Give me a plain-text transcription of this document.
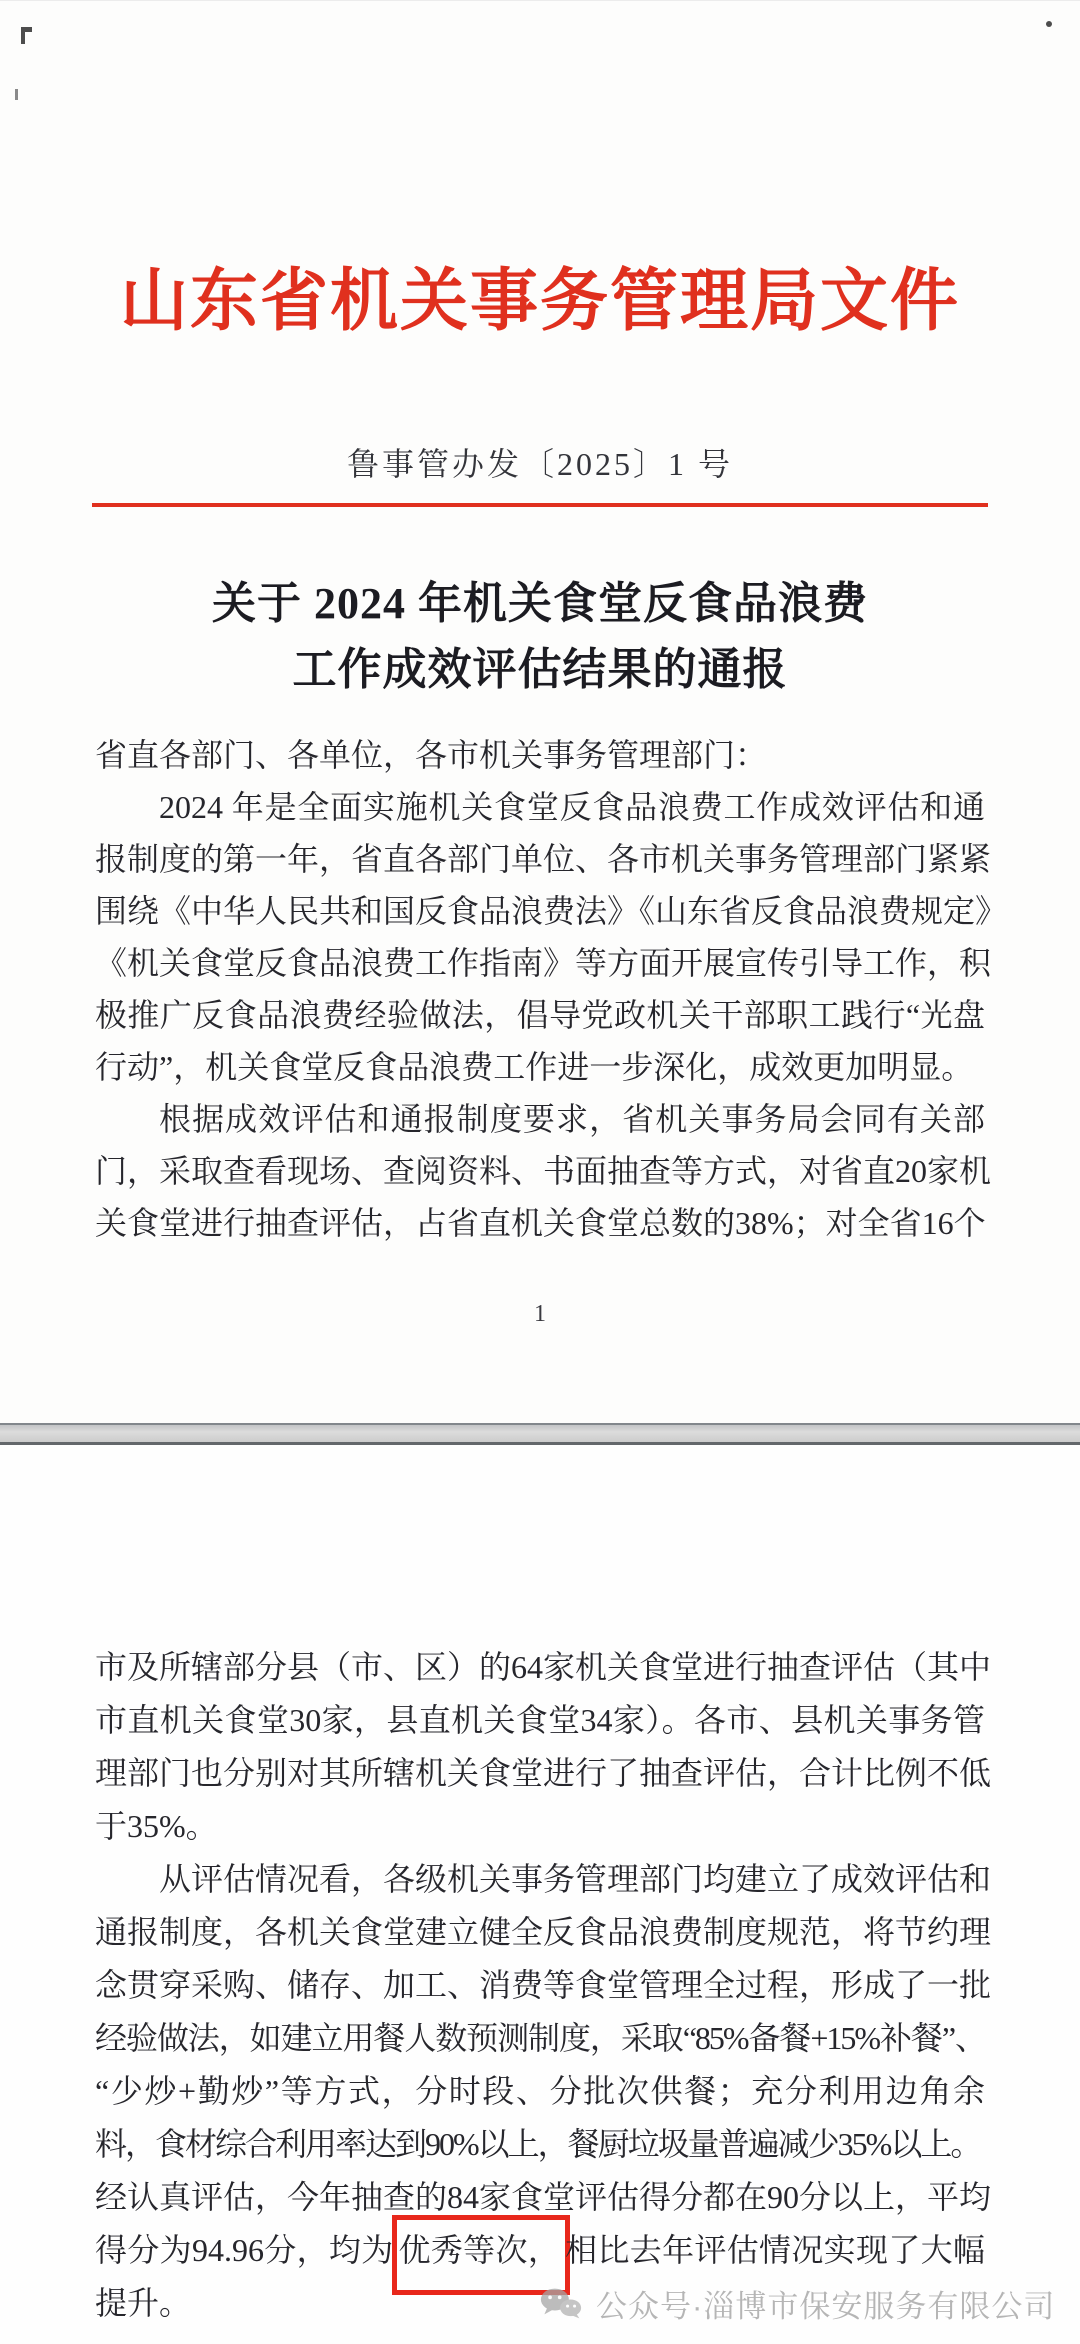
山东省机关事务管理局文件
鲁事管办发〔2025〕1 号
关于 2024 年机关食堂反食品浪费
工作成效评估结果的通报
省直各部门、各单位，各市机关事务管理部门：
2024 年是全面实施机关食堂反食品浪费工作成效评估和通
报制度的第一年，省直各部门单位、各市机关事务管理部门紧紧
围绕《中华人民共和国反食品浪费法》《山东省反食品浪费规定》
《机关食堂反食品浪费工作指南》等方面开展宣传引导工作，积
极推广反食品浪费经验做法，倡导党政机关干部职工践行“光盘
行动”，机关食堂反食品浪费工作进一步深化，成效更加明显。
根据成效评估和通报制度要求，省机关事务局会同有关部
门，采取查看现场、查阅资料、书面抽查等方式，对省直20家机
关食堂进行抽查评估，占省直机关食堂总数的38%；对全省16个
1
市及所辖部分县（市、区）的64家机关食堂进行抽查评估（其中
市直机关食堂30家，县直机关食堂34家）。各市、县机关事务管
理部门也分别对其所辖机关食堂进行了抽查评估，合计比例不低
于35%。
从评估情况看，各级机关事务管理部门均建立了成效评估和
通报制度，各机关食堂建立健全反食品浪费制度规范，将节约理
念贯穿采购、储存、加工、消费等食堂管理全过程，形成了一批
经验做法，如建立用餐人数预测制度，采取“85%备餐+15%补餐”、
“少炒+勤炒”等方式，分时段、分批次供餐；充分利用边角余
料，食材综合利用率达到90%以上，餐厨垃圾量普遍减少35%以上。
经认真评估，今年抽查的84家食堂评估得分都在90分以上，平均
得分为94.96分，均为 优秀等次， 相比去年评估情况实现了大幅
提升。	公众号·淄博市保安服务有限公司
